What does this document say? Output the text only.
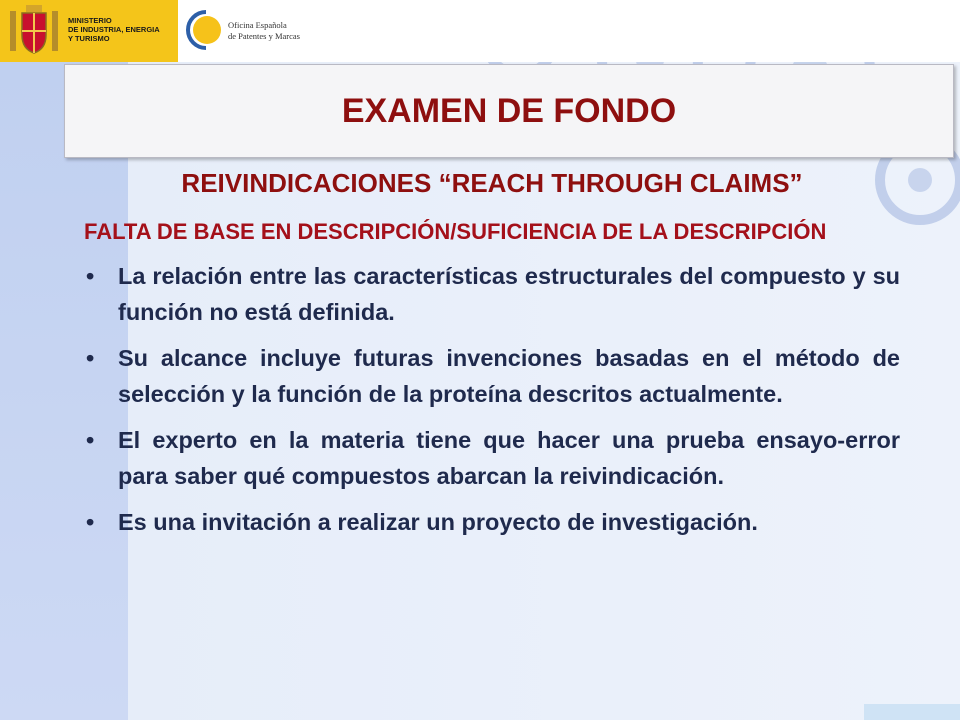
MINISTERIO
DE INDUSTRIA, ENERGIA
Y TURISMO
Oficina Española
de Patentes y Marcas
EXAMEN DE FONDO

REIVINDICACIONES “REACH THROUGH CLAIMS”

FALTA DE BASE EN DESCRIPCIÓN/SUFICIENCIA DE LA DESCRIPCIÓN

• La relación entre las características estructurales del compuesto y su función no está definida.
• Su alcance incluye futuras invenciones basadas en el método de selección y la función de la proteína descritos actualmente.
• El experto en la materia tiene que hacer una prueba ensayo-error para saber qué compuestos abarcan la reivindicación.
• Es una invitación a realizar un proyecto de investigación.
